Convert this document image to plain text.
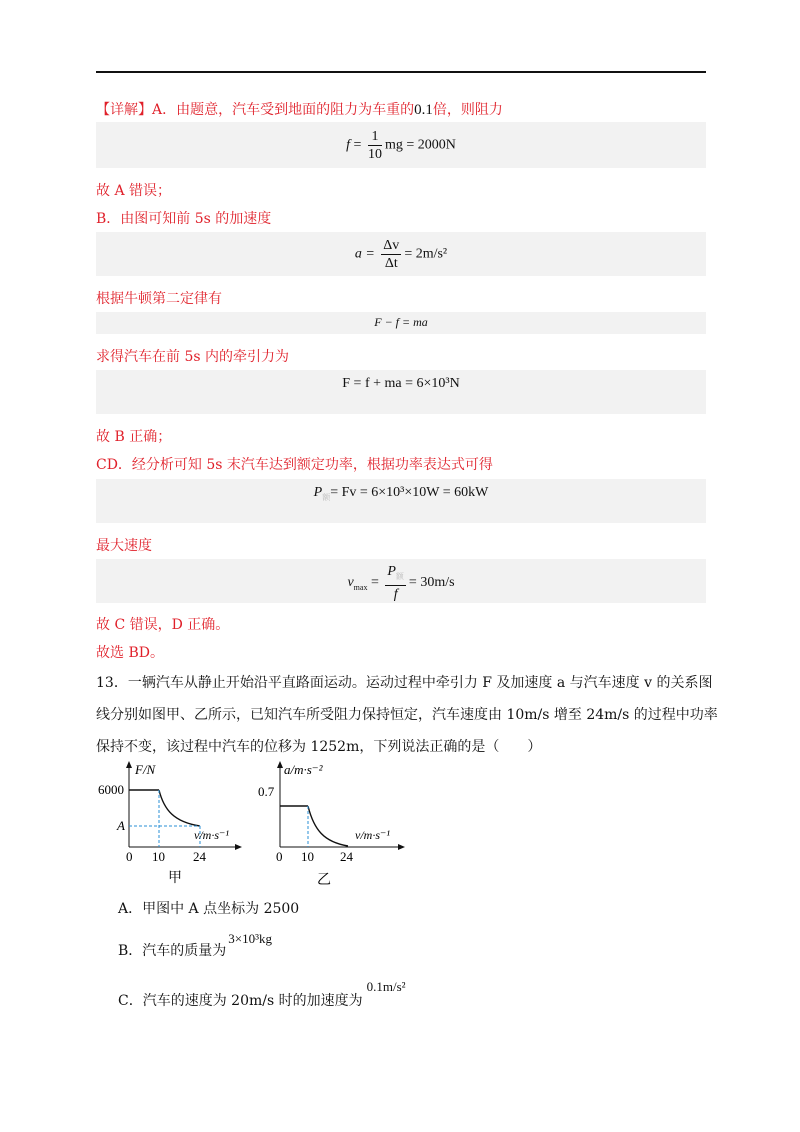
【详解】A．由题意，汽车受到地面的阻力为车重的0.1倍，则阻力
$f = \frac{1}{10}$ mg = 2000N
故 A 错误；
B．由图可知前 5s 的加速度
$a = \frac{\Delta v}{\Delta t} = 2m/s^2$
根据牛顿第二定律有
F − f = ma
求得汽车在前 5s 内的牵引力为
F = f + ma = 6×10³N
故 B 正确；
CD．经分析可知 5s 末汽车达到额定功率，根据功率表达式可得
$P_额= Fv = 6\times 10^3\times 10W = 60kW$
最大速度
$v_{max} = \frac{P_额}{f} = 30m/s$
故 C 错误，D 正确。
故选 BD。
13．一辆汽车从静止开始沿平直路面运动。运动过程中牵引力 F 及加速度 a 与汽车速度 v 的关系图
线分别如图甲、乙所示，已知汽车所受阻力保持恒定，汽车速度由 10m/s 增至 24m/s 的过程中功率
保持不变，该过程中汽车的位移为 1252m，下列说法正确的是（　　）
F/N
6000
A
v/m·s⁻¹
0 10 24
甲
a/m·s⁻²
0.7
v/m·s⁻¹
0 10 24
乙
A．甲图中 A 点坐标为 2500
B．汽车的质量为3×10³kg
C．汽车的速度为 20m/s 时的加速度为0.1m/s²
